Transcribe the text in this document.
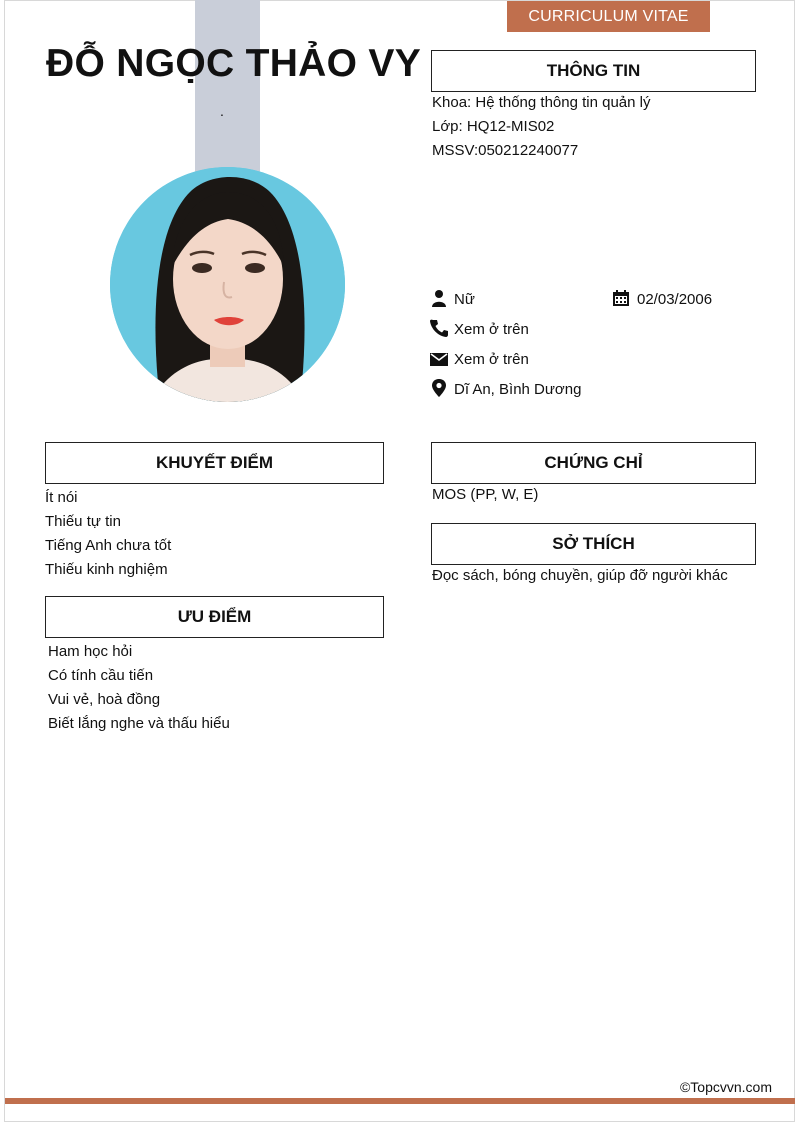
CURRICULUM VITAE
ĐỖ NGỌC THẢO VY
.
THÔNG TIN
Khoa: Hệ thống thông tin quản lý
Lớp: HQ12-MIS02
MSSV:050212240077
Nữ	02/03/2006
Xem ở trên
Xem ở trên
Dĩ An, Bình Dương
KHUYẾT ĐIỂM
Ít nói
Thiếu tự tin
Tiếng Anh chưa tốt
Thiếu kinh nghiệm
ƯU ĐIỂM
Ham học hỏi
Có tính cầu tiến
Vui vẻ, hoà đồng
Biết lắng nghe và thấu hiểu
CHỨNG CHỈ
MOS (PP, W, E)
SỞ THÍCH
Đọc sách, bóng chuyền, giúp đỡ người khác
©Topcvvn.com
